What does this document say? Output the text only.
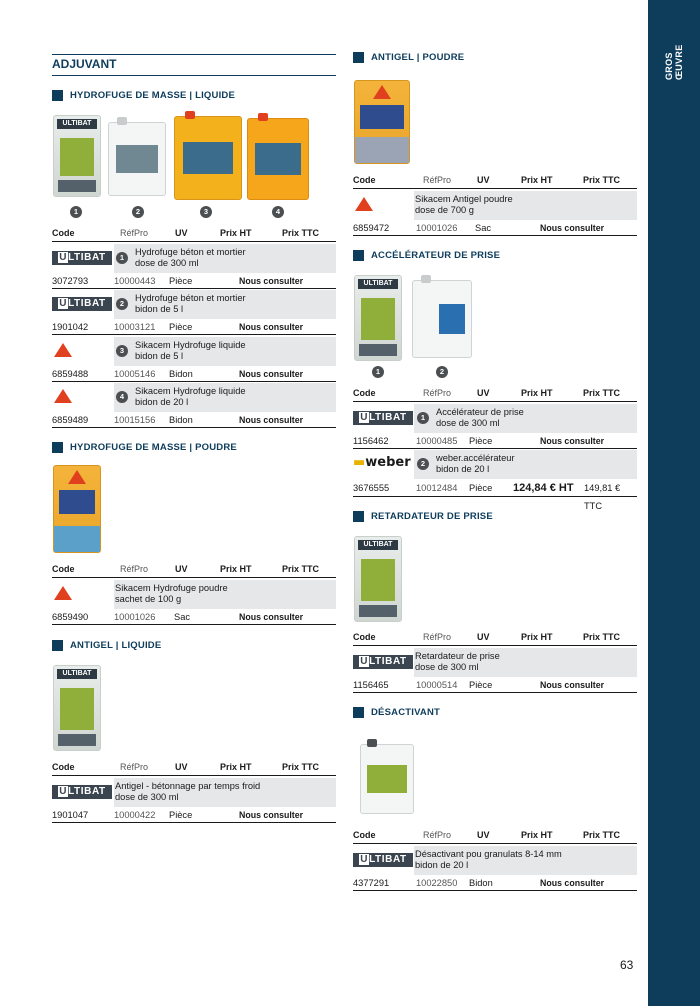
GROS ŒUVRE
63
ADJUVANT
HYDROFUGE DE MASSE | LIQUIDE
ULTIBAT
1	2	3	4
Code	RéfPro	UV	Prix HT	Prix TTC
ULTIBAT	1
Hydrofuge béton et mortier
dose de 300 ml
3072793	10000443 Pièce	Nous consulter
ULTIBAT	2
Hydrofuge béton et mortier
bidon de 5 l
1901042	10003121 Pièce	Nous consulter
3
Sikacem Hydrofuge liquide
bidon de 5 l
6859488	10005146 Bidon	Nous consulter
4
Sikacem Hydrofuge liquide
bidon de 20 l
6859489	10015156 Bidon	Nous consulter
HYDROFUGE DE MASSE | POUDRE
Code	RéfPro	UV	Prix HT	Prix TTC
Sikacem Hydrofuge poudre
sachet de 100 g
6859490	10001026 Sac	Nous consulter
ANTIGEL | LIQUIDE
ULTIBAT
Code	RéfPro	UV	Prix HT	Prix TTC
ULTIBAT Antigel - bétonnage par temps froid
dose de 300 ml
1901047	10000422 Pièce	Nous consulter
ANTIGEL | POUDRE
Code	RéfPro	UV	Prix HT	Prix TTC
Sikacem Antigel poudre
dose de 700 g
6859472	10001026 Sac	Nous consulter
ACCÉLÉRATEUR DE PRISE
ULTIBAT
1	2
Code	RéfPro	UV	Prix HT	Prix TTC
ULTIBAT	1
Accélérateur de prise
dose de 300 ml
1156462	10000485 Pièce	Nous consulter
▬weber	2
weber.accélérateur
bidon de 20 l
3676555	10012484 Pièce 124,84 € HT 149,81 € TTC
RETARDATEUR DE PRISE
ULTIBAT
Code	RéfPro	UV	Prix HT	Prix TTC
ULTIBAT Retardateur de prise
dose de 300 ml
1156465	10000514 Pièce	Nous consulter
DÉSACTIVANT
Code	RéfPro	UV	Prix HT	Prix TTC
ULTIBAT Désactivant pou granulats 8-14 mm
bidon de 20 l
4377291	10022850 Bidon	Nous consulter
